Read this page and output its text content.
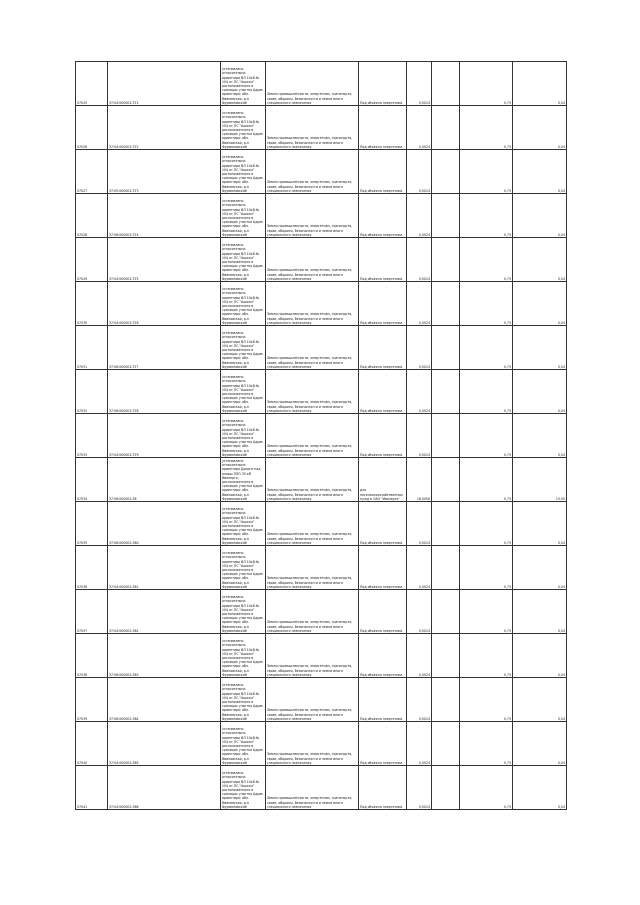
07025	37:04:000001:371	установлено относительно ориентира ВЛ 10кВ № 104 от ПС "Ашалы" расположенного в границах участка Адрес ориентира: обл. Ивановская, р-н Фурмановский	Земли промышленности, энергетики, транспорта, связи, обороны, безопасности и земли иного специального назначения	Под объекты энергетики	0,0024		0,75	0,04
07026	37:04:000001:372	установлено относительно ориентира ВЛ 10кВ № 104 от ПС "Ашалы" расположенного в границах участка Адрес ориентира: обл. Ивановская, р-н Фурмановский	Земли промышленности, энергетики, транспорта, связи, обороны, безопасности и земли иного специального назначения	Под объекты энергетики	0,0024		0,75	0,04
07027	37:05:000001:373	установлено относительно ориентира ВЛ 10кВ № 104 от ПС "Ашалы" расположенного в границах участка Адрес ориентира: обл. Ивановская, р-н Фурмановский	Земли промышленности, энергетики, транспорта, связи, обороны, безопасности и земли иного специального назначения	Под объекты энергетики	0,0024		0,75	0,04
07028	37:06:000001:374	установлено относительно ориентира ВЛ 10кВ № 104 от ПС "Ашалы" расположенного в границах участка Адрес ориентира: обл. Ивановская, р-н Фурмановский	Земли промышленности, энергетики, транспорта, связи, обороны, безопасности и земли иного специального назначения	Под объекты энергетики	0,0024		0,75	0,04
07029	37:04:000001:375	установлено относительно ориентира ВЛ 10кВ № 104 от ПС "Ашалы" расположенного в границах участка Адрес ориентира: обл. Ивановская, р-н Фурмановский	Земли промышленности, энергетики, транспорта, связи, обороны, безопасности и земли иного специального назначения	Под объекты энергетики	0,0024		0,75	0,04
07030	37:04:000001:376	установлено относительно ориентира ВЛ 10кВ № 104 от ПС "Ашалы" расположенного в границах участка Адрес ориентира: обл. Ивановская, р-н Фурмановский	Земли промышленности, энергетики, транспорта, связи, обороны, безопасности и земли иного специального назначения	Под объекты энергетики	0,0024		0,75	0,04
07031	37:06:000001:377	установлено относительно ориентира ВЛ 10кВ № 104 от ПС "Ашалы" расположенного в границах участка Адрес ориентира: обл. Ивановская, р-н Фурмановский	Земли промышленности, энергетики, транспорта, связи, обороны, безопасности и земли иного специального назначения	Под объекты энергетики	0,0024		0,75	0,04
07032	37:06:000001:378	установлено относительно ориентира ВЛ 10кВ № 104 от ПС "Ашалы" расположенного в границах участка Адрес ориентира: обл. Ивановская, р-н Фурмановский	Земли промышленности, энергетики, транспорта, связи, обороны, безопасности и земли иного специального назначения	Под объекты энергетики	0,0024		0,75	0,04
07033	37:04:000001:379	установлено относительно ориентира ВЛ 10кВ № 104 от ПС "Ашалы" расположенного в границах участка Адрес ориентира: обл. Ивановская, р-н Фурмановский	Земли промышленности, энергетики, транспорта, связи, обороны, безопасности и земли иного специального назначения	Под объекты энергетики	0,0024		0,75	0,04
07034	37:06:000001:38	установлено относительно ориентира Дороги под опоры ЛЭП-35 кВ Ивэнерго, расположенного в границах участка Адрес ориентира: обл. Ивановская, р-н Фурмановский	Земли промышленности, энергетики, транспорта, связи, обороны, безопасности и земли иного специального назначения	для несельскохозяйственных нужд в ОАО "Ивэнерго"	18,0000		0,75	13,50
07035	37:06:000001:380	установлено относительно ориентира ВЛ 10кВ № 104 от ПС "Ашалы" расположенного в границах участка Адрес ориентира: обл. Ивановская, р-н Фурмановский	Земли промышленности, энергетики, транспорта, связи, обороны, безопасности и земли иного специального назначения	Под объекты энергетики	0,0024		0,75	0,04
07036	37:04:000001:381	установлено относительно ориентира ВЛ 10кВ № 104 от ПС "Ашалы" расположенного в границах участка Адрес ориентира: обл. Ивановская, р-н Фурмановский	Земли промышленности, энергетики, транспорта, связи, обороны, безопасности и земли иного специального назначения	Под объекты энергетики	0,0024		0,75	0,04
07037	37:04:000001:382	установлено относительно ориентира ВЛ 10кВ № 104 от ПС "Ашалы" расположенного в границах участка Адрес ориентира: обл. Ивановская, р-н Фурмановский	Земли промышленности, энергетики, транспорта, связи, обороны, безопасности и земли иного специального назначения	Под объекты энергетики	0,0024		0,75	0,04
07038	37:06:000001:383	установлено относительно ориентира ВЛ 10кВ № 104 от ПС "Ашалы" расположенного в границах участка Адрес ориентира: обл. Ивановская, р-н Фурмановский	Земли промышленности, энергетики, транспорта, связи, обороны, безопасности и земли иного специального назначения	Под объекты энергетики	0,0024		0,75	0,04
07039	37:06:000001:384	установлено относительно ориентира ВЛ 10кВ № 104 от ПС "Ашалы" расположенного в границах участка Адрес ориентира: обл. Ивановская, р-н Фурмановский	Земли промышленности, энергетики, транспорта, связи, обороны, безопасности и земли иного специального назначения	Под объекты энергетики	0,0024		0,75	0,04
07040	37:04:000001:385	установлено относительно ориентира ВЛ 10кВ № 104 от ПС "Ашалы" расположенного в границах участка Адрес ориентира: обл. Ивановская, р-н Фурмановский	Земли промышленности, энергетики, транспорта, связи, обороны, безопасности и земли иного специального назначения	Под объекты энергетики	0,0024		0,75	0,04
07041	37:04:000001:386	установлено относительно ориентира ВЛ 10кВ № 104 от ПС "Ашалы" расположенного в границах участка Адрес ориентира: обл. Ивановская, р-н Фурмановский	Земли промышленности, энергетики, транспорта, связи, обороны, безопасности и земли иного специального назначения	Под объекты энергетики	0,0024		0,75	0,04
